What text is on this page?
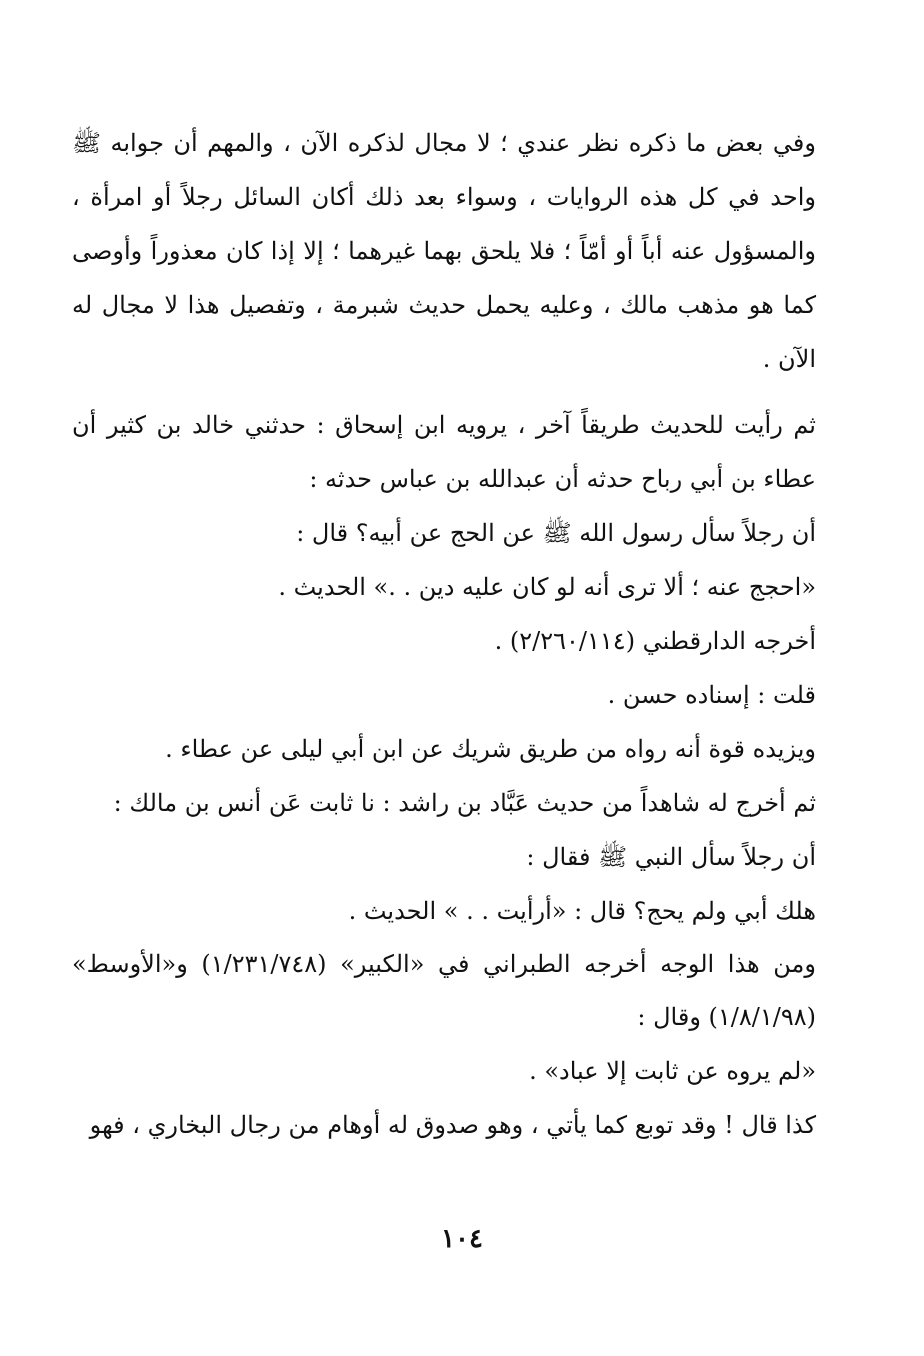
وفي بعض ما ذكره نظر عندي ؛ لا مجال لذكره الآن ، والمهم أن جوابه ﷺ واحد في كل هذه الروايات ، وسواء بعد ذلك أكان السائل رجلاً أو امرأة ، والمسؤول عنه أباً أو أمّاً ؛ فلا يلحق بهما غيرهما ؛ إلا إذا كان معذوراً وأوصى كما هو مذهب مالك ، وعليه يحمل حديث شبرمة ، وتفصيل هذا لا مجال له الآن .

ثم رأيت للحديث طريقاً آخر ، يرويه ابن إسحاق : حدثني خالد بن كثير أن عطاء بن أبي رباح حدثه أن عبدالله بن عباس حدثه :

أن رجلاً سأل رسول الله ﷺ عن الحج عن أبيه؟ قال :

«احجج عنه ؛ ألا ترى أنه لو كان عليه دين . .» الحديث .

أخرجه الدارقطني (٢/٢٦٠/١١٤) .

قلت : إسناده حسن .

ويزيده قوة أنه رواه من طريق شريك عن ابن أبي ليلى عن عطاء .

ثم أخرج له شاهداً من حديث عَبَّاد بن راشد : نا ثابت عَن أنس بن مالك :

أن رجلاً سأل النبي ﷺ فقال :

هلك أبي ولم يحج؟ قال : «أرأيت . . » الحديث .

ومن هذا الوجه أخرجه الطبراني في «الكبير» (١/٢٣١/٧٤٨) و«الأوسط» (١/٨/١/٩٨) وقال :

«لم يروه عن ثابت إلا عباد» .

كذا قال ! وقد توبع كما يأتي ، وهو صدوق له أوهام من رجال البخاري ، فهو

١٠٤
